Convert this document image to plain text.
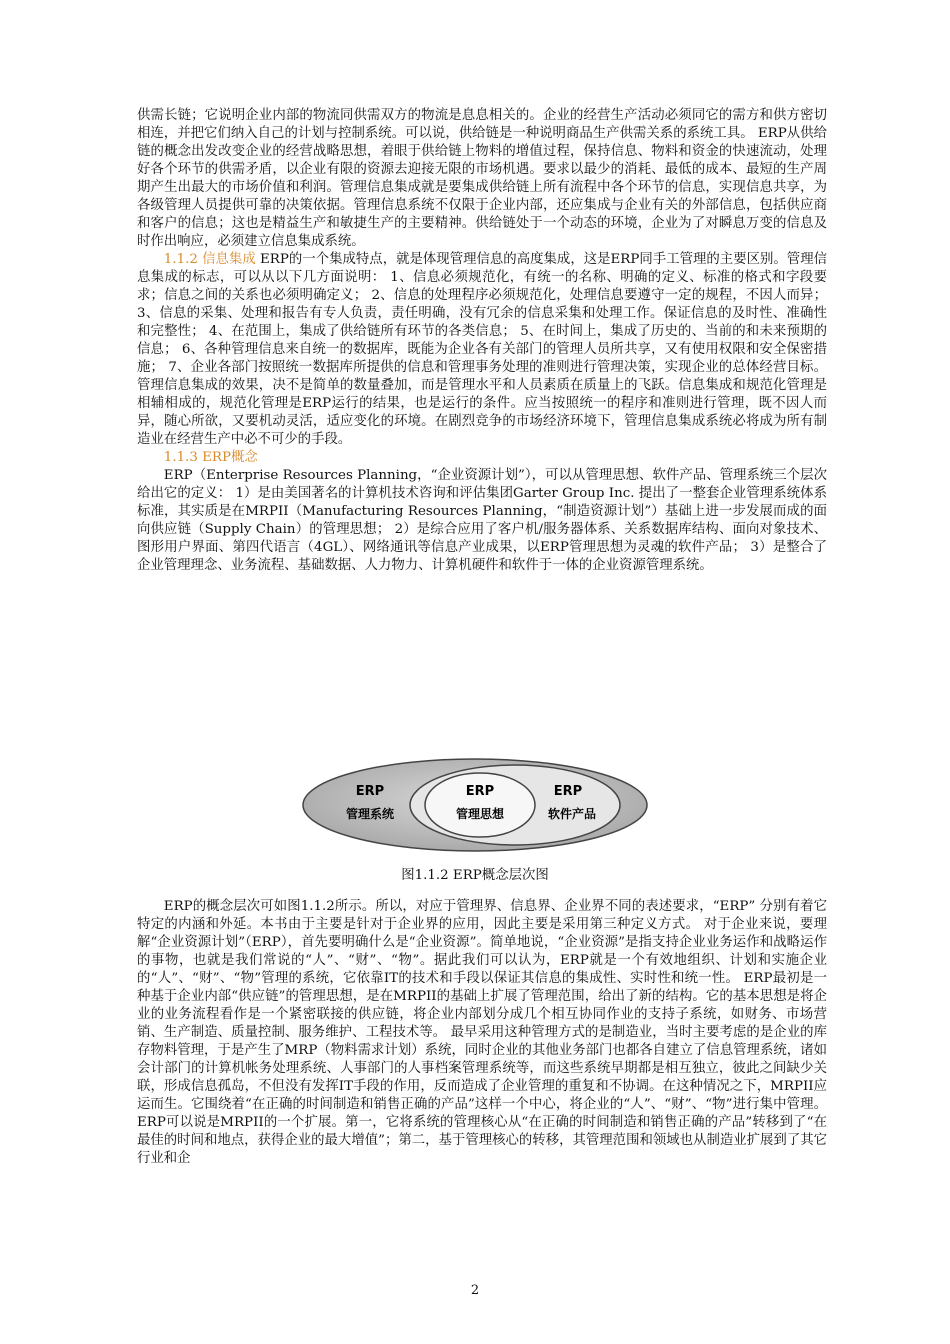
供需长链；它说明企业内部的物流同供需双方的物流是息息相关的。企业的经营生产活动必须同它的需方和供方密切相连，并把它们纳入自己的计划与控制系统。可以说，供给链是一种说明商品生产供需关系的系统工具。 ERP从供给链的概念出发改变企业的经营战略思想，着眼于供给链上物料的增值过程，保持信息、物料和资金的快速流动，处理好各个环节的供需矛盾，以企业有限的资源去迎接无限的市场机遇。要求以最少的消耗、最低的成本、最短的生产周期产生出最大的市场价值和利润。管理信息集成就是要集成供给链上所有流程中各个环节的信息，实现信息共享，为各级管理人员提供可靠的决策依据。管理信息系统不仅限于企业内部，还应集成与企业有关的外部信息，包括供应商和客户的信息；这也是精益生产和敏捷生产的主要精神。供给链处于一个动态的环境，企业为了对瞬息万变的信息及时作出响应，必须建立信息集成系统。

1.1.2 信息集成 ERP的一个集成特点，就是体现管理信息的高度集成，这是ERP同手工管理的主要区别。管理信息集成的标志，可以从以下几方面说明： 1、信息必须规范化，有统一的名称、明确的定义、标准的格式和字段要求；信息之间的关系也必须明确定义； 2、信息的处理程序必须规范化，处理信息要遵守一定的规程，不因人而异； 3、信息的采集、处理和报告有专人负责，责任明确，没有冗余的信息采集和处理工作。保证信息的及时性、准确性和完整性； 4、在范围上，集成了供给链所有环节的各类信息； 5、在时间上，集成了历史的、当前的和未来预期的信息； 6、各种管理信息来自统一的数据库，既能为企业各有关部门的管理人员所共享，又有使用权限和安全保密措施； 7、企业各部门按照统一数据库所提供的信息和管理事务处理的准则进行管理决策，实现企业的总体经营目标。 管理信息集成的效果，决不是简单的数量叠加，而是管理水平和人员素质在质量上的飞跃。信息集成和规范化管理是相辅相成的，规范化管理是ERP运行的结果，也是运行的条件。应当按照统一的程序和准则进行管理，既不因人而异，随心所欲，又要机动灵活，适应变化的环境。在剧烈竞争的市场经济环境下，管理信息集成系统必将成为所有制造业在经营生产中必不可少的手段。

1.1.3 ERP概念

ERP（Enterprise Resources Planning，“企业资源计划”），可以从管理思想、软件产品、管理系统三个层次给出它的定义： 1）是由美国著名的计算机技术咨询和评估集团Garter Group Inc. 提出了一整套企业管理系统体系标准，其实质是在MRPII（Manufacturing Resources Planning，“制造资源计划”）基础上进一步发展而成的面向供应链（Supply Chain）的管理思想； 2）是综合应用了客户机/服务器体系、关系数据库结构、面向对象技术、图形用户界面、第四代语言（4GL）、网络通讯等信息产业成果，以ERP管理思想为灵魂的软件产品； 3）是整合了企业管理理念、业务流程、基础数据、人力物力、计算机硬件和软件于一体的企业资源管理系统。

ERP
管理系统
ERP
管理思想
ERP
软件产品
图1.1.2 ERP概念层次图

ERP的概念层次可如图1.1.2所示。所以，对应于管理界、信息界、企业界不同的表述要求，“ERP” 分别有着它特定的内涵和外延。本书由于主要是针对于企业界的应用，因此主要是采用第三种定义方式。 对于企业来说，要理解“企业资源计划”（ERP），首先要明确什么是“企业资源”。简单地说，“企业资源”是指支持企业业务运作和战略运作的事物，也就是我们常说的“人”、“财”、“物”。据此我们可以认为，ERP就是一个有效地组织、计划和实施企业的“人”、“财”、“物”管理的系统，它依靠IT的技术和手段以保证其信息的集成性、实时性和统一性。 ERP最初是一种基于企业内部“供应链”的管理思想，是在MRPII的基础上扩展了管理范围，给出了新的结构。它的基本思想是将企业的业务流程看作是一个紧密联接的供应链，将企业内部划分成几个相互协同作业的支持子系统，如财务、市场营销、生产制造、质量控制、服务维护、工程技术等。 最早采用这种管理方式的是制造业，当时主要考虑的是企业的库存物料管理，于是产生了MRP（物料需求计划）系统，同时企业的其他业务部门也都各自建立了信息管理系统，诸如会计部门的计算机帐务处理系统、人事部门的人事档案管理系统等，而这些系统早期都是相互独立，彼此之间缺少关联，形成信息孤岛，不但没有发挥IT手段的作用，反而造成了企业管理的重复和不协调。在这种情况之下，MRPII应运而生。它围绕着“在正确的时间制造和销售正确的产品”这样一个中心，将企业的“人”、“财”、“物”进行集中管理。 ERP可以说是MRPII的一个扩展。第一，它将系统的管理核心从“在正确的时间制造和销售正确的产品”转移到了“在最佳的时间和地点，获得企业的最大增值”；第二，基于管理核心的转移，其管理范围和领域也从制造业扩展到了其它行业和企

2
